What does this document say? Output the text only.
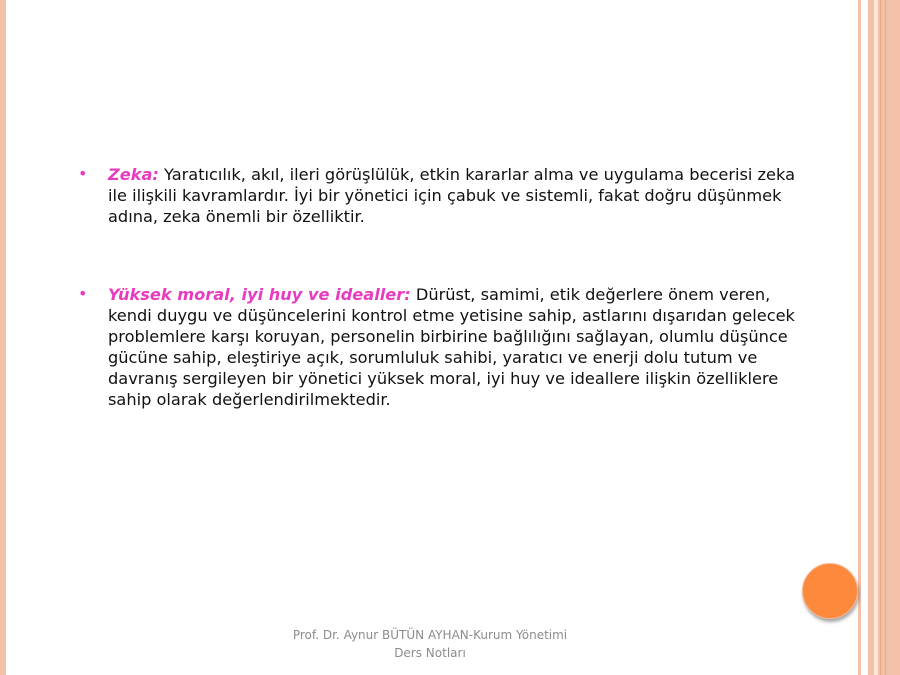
• Zeka: Yaratıcılık, akıl, ileri görüşlülük, etkin kararlar alma ve uygulama becerisi zeka ile ilişkili kavramlardır. İyi bir yönetici için çabuk ve sistemli, fakat doğru düşünmek adına, zeka önemli bir özelliktir.
• Yüksek moral, iyi huy ve idealler: Dürüst, samimi, etik değerlere önem veren, kendi duygu ve düşüncelerini kontrol etme yetisine sahip, astlarını dışarıdan gelecek problemlere karşı koruyan, personelin birbirine bağlılığını sağlayan, olumlu düşünce gücüne sahip, eleştiriye açık, sorumluluk sahibi, yaratıcı ve enerji dolu tutum ve davranış sergileyen bir yönetici yüksek moral, iyi huy ve ideallere ilişkin özelliklere sahip olarak değerlendirilmektedir.
Prof. Dr. Aynur BÜTÜN AYHAN-Kurum Yönetimi
Ders Notları
